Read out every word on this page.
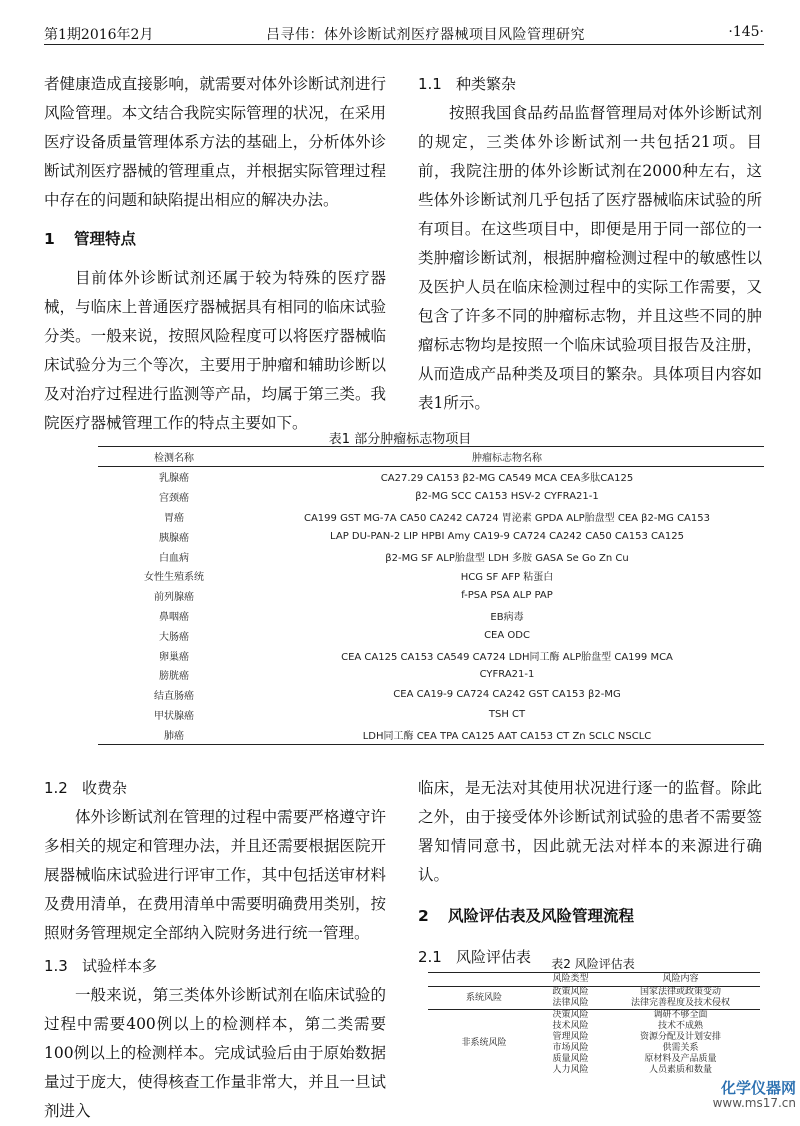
第1期2016年2月	吕寻伟：体外诊断试剂医疗器械项目风险管理研究	·145·

者健康造成直接影响，就需要对体外诊断试剂进行风险管理。本文结合我院实际管理的状况，在采用医疗设备质量管理体系方法的基础上，分析体外诊断试剂医疗器械的管理重点，并根据实际管理过程中存在的问题和缺陷提出相应的解决办法。

1 管理特点

目前体外诊断试剂还属于较为特殊的医疗器械，与临床上普通医疗器械据具有相同的临床试验分类。一般来说，按照风险程度可以将医疗器械临床试验分为三个等次，主要用于肿瘤和辅助诊断以及对治疗过程进行监测等产品，均属于第三类。我院医疗器械管理工作的特点主要如下。

1.1 种类繁杂

按照我国食品药品监督管理局对体外诊断试剂的规定，三类体外诊断试剂一共包括21项。目前，我院注册的体外诊断试剂在2000种左右，这些体外诊断试剂几乎包括了医疗器械临床试验的所有项目。在这些项目中，即便是用于同一部位的一类肿瘤诊断试剂，根据肿瘤检测过程中的敏感性以及医护人员在临床检测过程中的实际工作需要，又包含了许多不同的肿瘤标志物，并且这些不同的肿瘤标志物均是按照一个临床试验项目报告及注册，从而造成产品种类及项目的繁杂。具体项目内容如表1所示。

表1 部分肿瘤标志物项目
检测名称	肿瘤标志物名称
乳腺癌	CA27.29 CA153 β2-MG CA549 MCA CEA多肽CA125
宫颈癌	β2-MG SCC CA153 HSV-2 CYFRA21-1
胃癌	CA199 GST MG-7A CA50 CA242 CA724 胃泌素 GPDA ALP胎盘型 CEA β2-MG CA153
胰腺癌	LAP DU-PAN-2 LIP HPBI Amy CA19-9 CA724 CA242 CA50 CA153 CA125
白血病	β2-MG SF ALP胎盘型 LDH 多胺 GASA Se Go Zn Cu
女性生殖系统	HCG SF AFP 粘蛋白
前列腺癌	f-PSA PSA ALP PAP
鼻咽癌	EB病毒
大肠癌	CEA ODC
卵巢癌	CEA CA125 CA153 CA549 CA724 LDH同工酶 ALP胎盘型 CA199 MCA
膀胱癌	CYFRA21-1
结直肠癌	CEA CA19-9 CA724 CA242 GST CA153 β2-MG
甲状腺癌	TSH CT
肺癌	LDH同工酶 CEA TPA CA125 AAT CA153 CT Zn SCLC NSCLC

1.2 收费杂

体外诊断试剂在管理的过程中需要严格遵守许多相关的规定和管理办法，并且还需要根据医院开展器械临床试验进行评审工作，其中包括送审材料及费用清单，在费用清单中需要明确费用类别，按照财务管理规定全部纳入院财务进行统一管理。

1.3 试验样本多

一般来说，第三类体外诊断试剂在临床试验的过程中需要400例以上的检测样本，第二类需要100例以上的检测样本。完成试验后由于原始数据量过于庞大，使得核查工作量非常大，并且一旦试剂进入

临床，是无法对其使用状况进行逐一的监督。除此之外，由于接受体外诊断试剂试验的患者不需要签署知情同意书，因此就无法对样本的来源进行确认。

2 风险评估表及风险管理流程

2.1 风险评估表	表2 风险评估表
	风险类型	风险内容
系统风险	政策风险	国家法律或政策变动
	法律风险	法律完善程度及技术侵权
非系统风险	决策风险	调研不够全面
	技术风险	技术不成熟
	管理风险	资源分配及计划安排
	市场风险	供需关系
	质量风险	原材料及产品质量
	人力风险	人员素质和数量
化学仪器网
www.ms17.cn
